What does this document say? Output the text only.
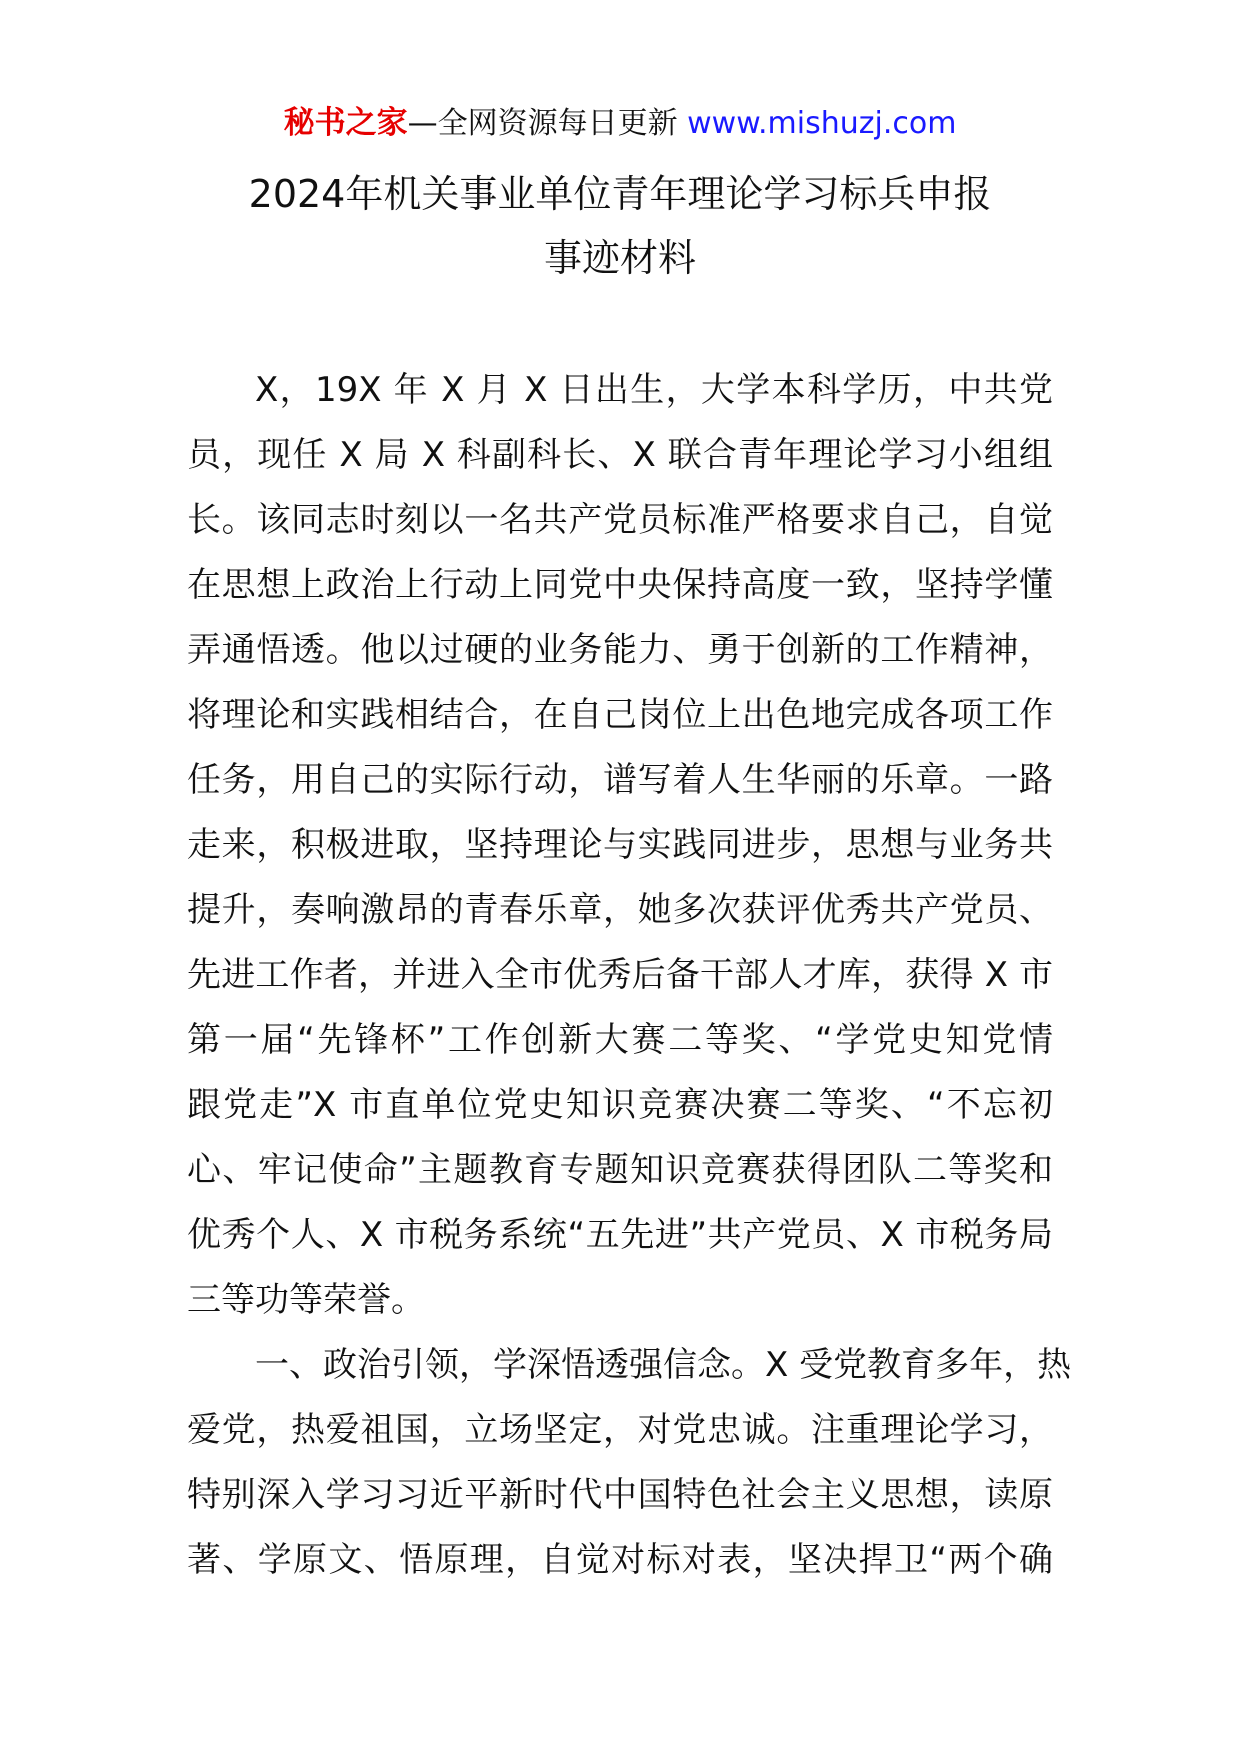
秘书之家—全网资源每日更新 www.mishuzj.com
2024年机关事业单位青年理论学习标兵申报
事迹材料
X，19X 年 X 月 X 日出生，大学本科学历，中共党
员，现任 X 局 X 科副科长、X 联合青年理论学习小组组
长。该同志时刻以一名共产党员标准严格要求自己，自觉
在思想上政治上行动上同党中央保持高度一致，坚持学懂
弄通悟透。他以过硬的业务能力、勇于创新的工作精神，
将理论和实践相结合，在自己岗位上出色地完成各项工作
任务，用自己的实际行动，谱写着人生华丽的乐章。一路
走来，积极进取，坚持理论与实践同进步，思想与业务共
提升，奏响激昂的青春乐章，她多次获评优秀共产党员、
先进工作者，并进入全市优秀后备干部人才库，获得 X 市
第一届“先锋杯”工作创新大赛二等奖、“学党史知党情
跟党走”X 市直单位党史知识竞赛决赛二等奖、“不忘初
心、牢记使命”主题教育专题知识竞赛获得团队二等奖和
优秀个人、X 市税务系统“五先进”共产党员、X 市税务局
三等功等荣誉。
一、政治引领，学深悟透强信念。X 受党教育多年，热
爱党，热爱祖国，立场坚定，对党忠诚。注重理论学习，
特别深入学习习近平新时代中国特色社会主义思想，读原
著、学原文、悟原理，自觉对标对表，坚决捍卫“两个确
